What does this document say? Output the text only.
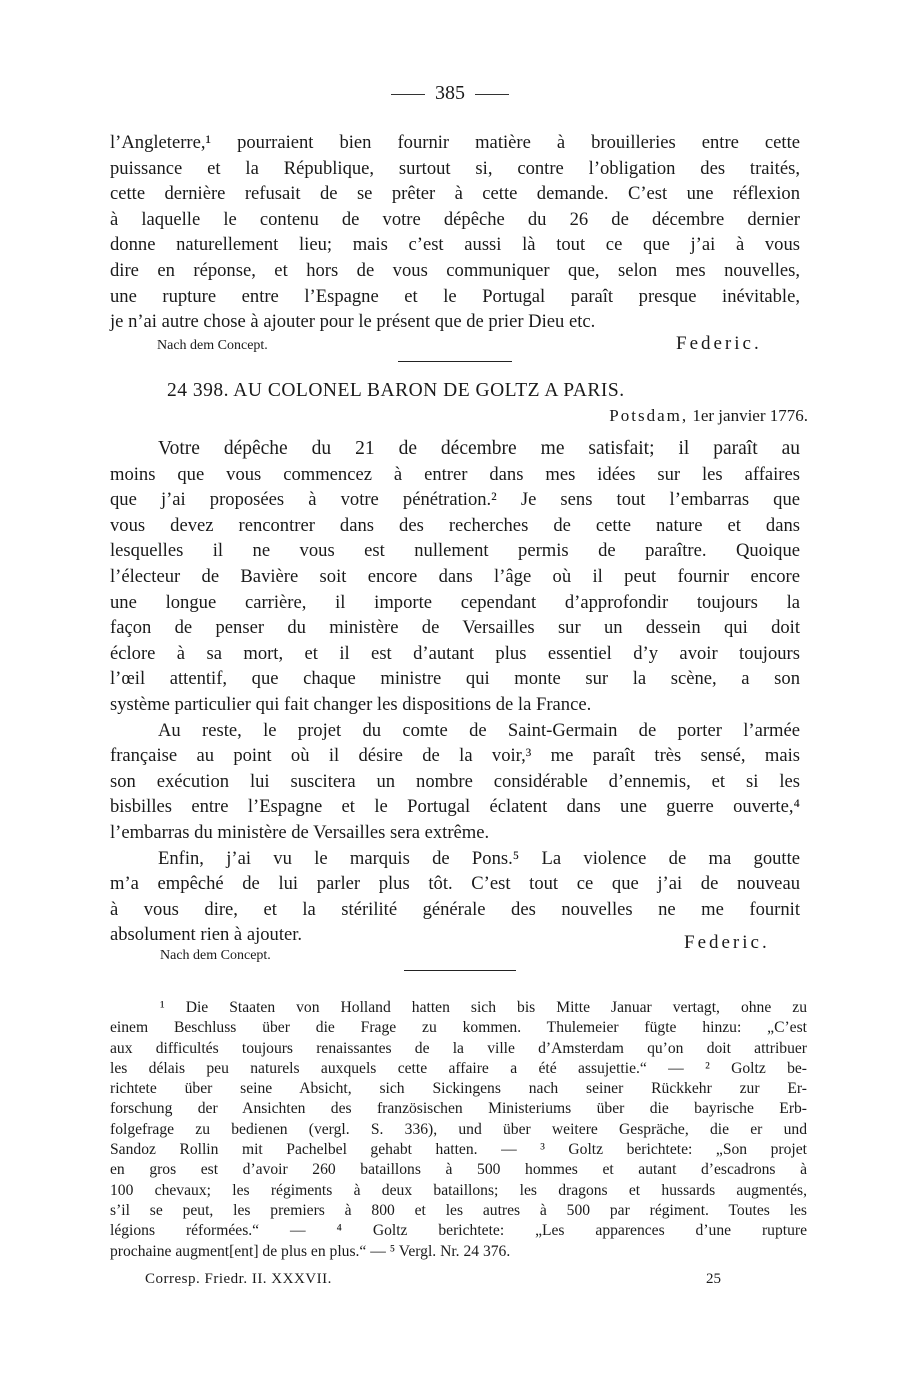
385
l’Angleterre,¹ pourraient bien fournir matière à brouilleries entre cette
puissance et la République, surtout si, contre l’obligation des traités,
cette dernière refusait de se prêter à cette demande. C’est une réflexion
à laquelle le contenu de votre dépêche du 26 de décembre dernier
donne naturellement lieu; mais c’est aussi là tout ce que j’ai à vous
dire en réponse, et hors de vous communiquer que, selon mes nouvelles,
une rupture entre l’Espagne et le Portugal paraît presque inévitable,
je n’ai autre chose à ajouter pour le présent que de prier Dieu etc.
Nach dem Concept.	Federic.
24 398. AU COLONEL BARON DE GOLTZ A PARIS.
Potsdam, 1er janvier 1776.
Votre dépêche du 21 de décembre me satisfait; il paraît au
moins que vous commencez à entrer dans mes idées sur les affaires
que j’ai proposées à votre pénétration.² Je sens tout l’embarras que
vous devez rencontrer dans des recherches de cette nature et dans
lesquelles il ne vous est nullement permis de paraître. Quoique
l’électeur de Bavière soit encore dans l’âge où il peut fournir encore
une longue carrière, il importe cependant d’approfondir toujours la
façon de penser du ministère de Versailles sur un dessein qui doit
éclore à sa mort, et il est d’autant plus essentiel d’y avoir toujours
l’œil attentif, que chaque ministre qui monte sur la scène, a son
système particulier qui fait changer les dispositions de la France.
Au reste, le projet du comte de Saint-Germain de porter l’armée
française au point où il désire de la voir,³ me paraît très sensé, mais
son exécution lui suscitera un nombre considérable d’ennemis, et si les
bisbilles entre l’Espagne et le Portugal éclatent dans une guerre ouverte,⁴
l’embarras du ministère de Versailles sera extrême.
Enfin, j’ai vu le marquis de Pons.⁵ La violence de ma goutte
m’a empêché de lui parler plus tôt. C’est tout ce que j’ai de nouveau
à vous dire, et la stérilité générale des nouvelles ne me fournit
absolument rien à ajouter.
Nach dem Concept.
Federic.
¹ Die Staaten von Holland hatten sich bis Mitte Januar vertagt, ohne zu
einem Beschluss über die Frage zu kommen. Thulemeier fügte hinzu: „C’est
aux difficultés toujours renaissantes de la ville d’Amsterdam qu’on doit attribuer
les délais peu naturels auxquels cette affaire a été assujettie.“ — ² Goltz be-
richtete über seine Absicht, sich Sickingens nach seiner Rückkehr zur Er-
forschung der Ansichten des französischen Ministeriums über die bayrische Erb-
folgefrage zu bedienen (vergl. S. 336), und über weitere Gespräche, die er und
Sandoz Rollin mit Pachelbel gehabt hatten. — ³ Goltz berichtete: „Son projet
en gros est d’avoir 260 bataillons à 500 hommes et autant d’escadrons à
100 chevaux; les régiments à deux bataillons; les dragons et hussards augmentés,
s’il se peut, les premiers à 800 et les autres à 500 par régiment. Toutes les
légions réformées.“ — ⁴ Goltz berichtete: „Les apparences d’une rupture
prochaine augment[ent] de plus en plus.“ — ⁵ Vergl. Nr. 24 376.
Corresp. Friedr. II. XXXVII.	25
